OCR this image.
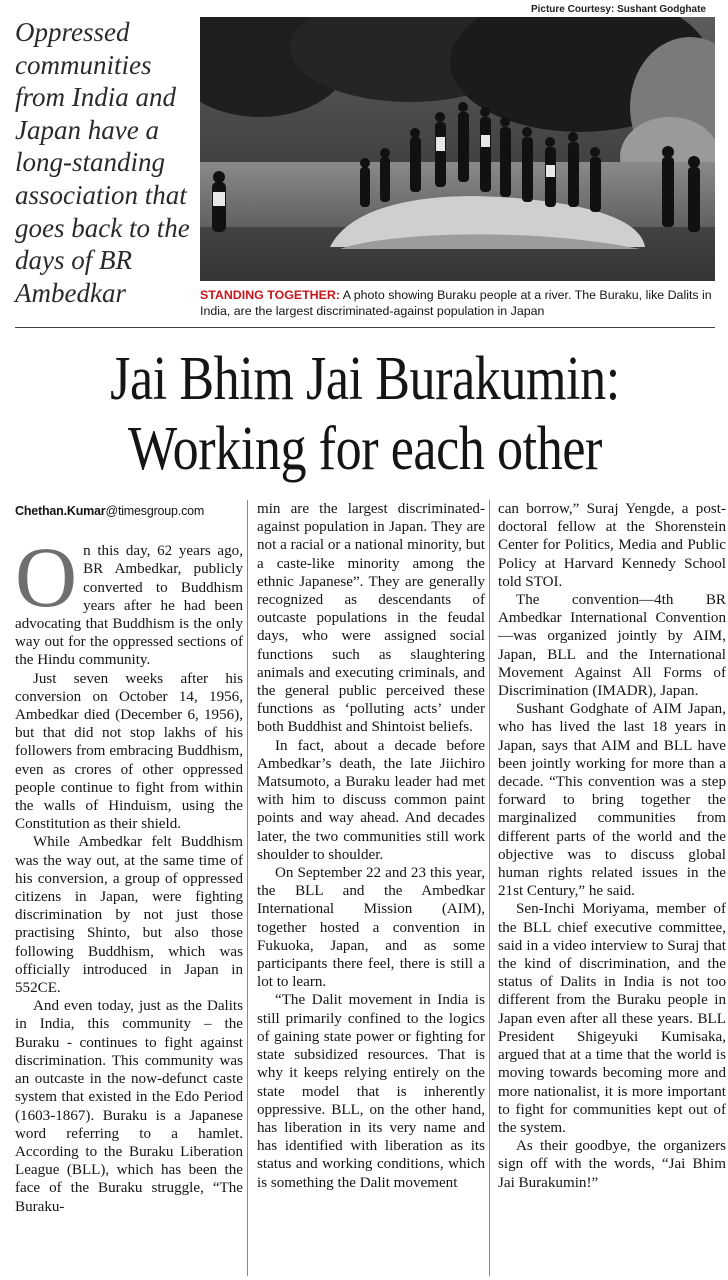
Picture Courtesy: Sushant Godghate
Oppressed communities from India and Japan have a long-standing association that goes back to the days of BR Ambedkar	STANDING TOGETHER: A photo showing Buraku people at a river. The Buraku, like Dalits in India, are the largest discriminated-against population in Japan
Jai Bhim Jai Burakumin:
Working for each other
Chethan.Kumar@timesgroup.com

On this day, 62 years ago, BR Ambedkar, publicly converted to Buddhism years after he had been advocating that Buddhism is the only way out for the oppressed sections of the Hindu community.

Just seven weeks after his conversion on October 14, 1956, Ambedkar died (December 6, 1956), but that did not stop lakhs of his followers from embracing Buddhism, even as crores of other oppressed people continue to fight from within the walls of Hinduism, using the Constitution as their shield.

While Ambedkar felt Buddhism was the way out, at the same time of his conversion, a group of oppressed citizens in Japan, were fighting discrimination by not just those practising Shinto, but also those following Buddhism, which was officially introduced in Japan in 552CE.

And even today, just as the Dalits in India, this community – the Buraku - continues to fight against discrimination. This community was an outcaste in the now-defunct caste system that existed in the Edo Period (1603-1867). Buraku is a Japanese word referring to a hamlet. According to the Buraku Liberation League (BLL), which has been the face of the Buraku struggle, “The Buraku-

min are the largest discriminated-against population in Japan. They are not a racial or a national minority, but a caste-like minority among the ethnic Japanese”. They are generally recognized as descendants of outcaste populations in the feudal days, who were assigned social functions such as slaughtering animals and executing criminals, and the general public perceived these functions as ‘polluting acts’ under both Buddhist and Shintoist beliefs.

In fact, about a decade before Ambedkar’s death, the late Jiichiro Matsumoto, a Buraku leader had met with him to discuss common paint points and way ahead. And decades later, the two communities still work shoulder to shoulder.

On September 22 and 23 this year, the BLL and the Ambedkar International Mission (AIM), together hosted a convention in Fukuoka, Japan, and as some participants there feel, there is still a lot to learn.

“The Dalit movement in India is still primarily confined to the logics of gaining state power or fighting for state subsidized resources. That is why it keeps relying entirely on the state model that is inherently oppressive. BLL, on the other hand, has liberation in its very name and has identified with liberation as its status and working conditions, which is something the Dalit movement

can borrow,” Suraj Yengde, a post-doctoral fellow at the Shorenstein Center for Politics, Media and Public Policy at Harvard Kennedy School told STOI.

The convention—4th BR Ambedkar International Convention—was organized jointly by AIM, Japan, BLL and the International Movement Against All Forms of Discrimination (IMADR), Japan.

Sushant Godghate of AIM Japan, who has lived the last 18 years in Japan, says that AIM and BLL have been jointly working for more than a decade. “This convention was a step forward to bring together the marginalized communities from different parts of the world and the objective was to discuss global human rights related issues in the 21st Century,” he said.

Sen-Inchi Moriyama, member of the BLL chief executive committee, said in a video interview to Suraj that the kind of discrimination, and the status of Dalits in India is not too different from the Buraku people in Japan even after all these years. BLL President Shigeyuki Kumisaka, argued that at a time that the world is moving towards becoming more and more nationalist, it is more important to fight for communities kept out of the system.

As their goodbye, the organizers sign off with the words, “Jai Bhim Jai Burakumin!”
